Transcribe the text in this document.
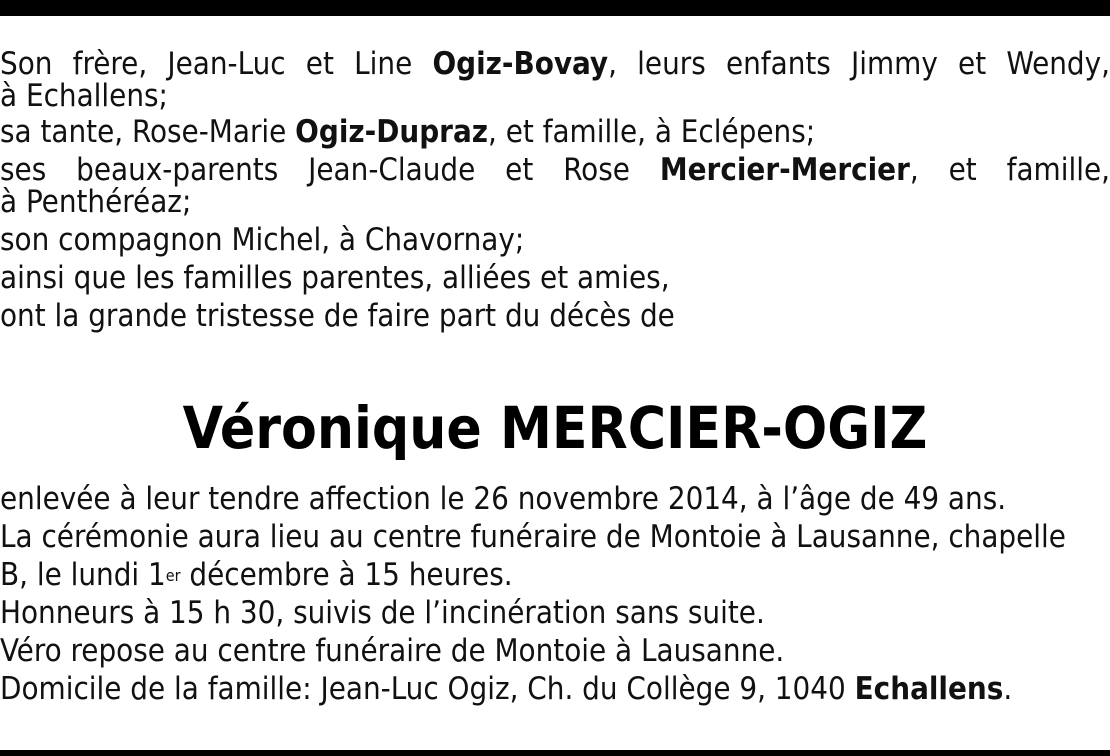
Son frère, Jean-Luc et Line Ogiz-Bovay, leurs enfants Jimmy et Wendy,
à Echallens;
sa tante, Rose-Marie Ogiz-Dupraz, et famille, à Eclépens;
ses beaux-parents Jean-Claude et Rose Mercier-Mercier, et famille,
à Penthéréaz;
son compagnon Michel, à Chavornay;
ainsi que les familles parentes, alliées et amies,
ont la grande tristesse de faire part du décès de
Véronique MERCIER-OGIZ
enlevée à leur tendre affection le 26 novembre 2014, à l’âge de 49 ans.
La cérémonie aura lieu au centre funéraire de Montoie à Lausanne, chapelle
B, le lundi 1er décembre à 15 heures.
Honneurs à 15 h 30, suivis de l’incinération sans suite.
Véro repose au centre funéraire de Montoie à Lausanne.
Domicile de la famille: Jean-Luc Ogiz, Ch. du Collège 9, 1040 Echallens.
